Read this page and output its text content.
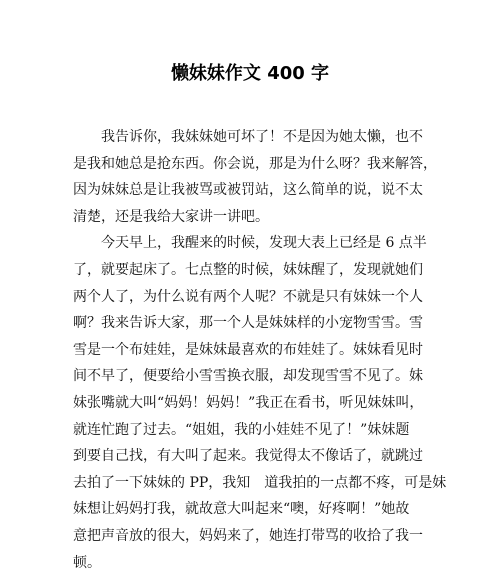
懒妹妹作文 400 字
我告诉你，我妹妹她可坏了！不是因为她太懒，也不
是我和她总是抢东西。你会说，那是为什么呀？我来解答，
因为妹妹总是让我被骂或被罚站，这么简单的说，说不太
清楚，还是我给大家讲一讲吧。
今天早上，我醒来的时候，发现大表上已经是 6 点半
了，就要起床了。七点整的时候，妹妹醒了，发现就她们
两个人了，为什么说有两个人呢？不就是只有妹妹一个人
啊？我来告诉大家，那一个人是妹妹样的小宠物雪雪。雪
雪是一个布娃娃，是妹妹最喜欢的布娃娃了。妹妹看见时
间不早了，便要给小雪雪换衣服，却发现雪雪不见了。妹
妹张嘴就大叫“妈妈！妈妈！”我正在看书，听见妹妹叫，
就连忙跑了过去。“姐姐，我的小娃娃不见了！”妹妹题
到要自己找，有大叫了起来。我觉得太不像话了，就跳过
去拍了一下妹妹的 PP，我知　道我拍的一点都不疼，可是妹
妹想让妈妈打我，就故意大叫起来“噢，好疼啊！”她故
意把声音放的很大，妈妈来了，她连打带骂的收拾了我一
顿。
